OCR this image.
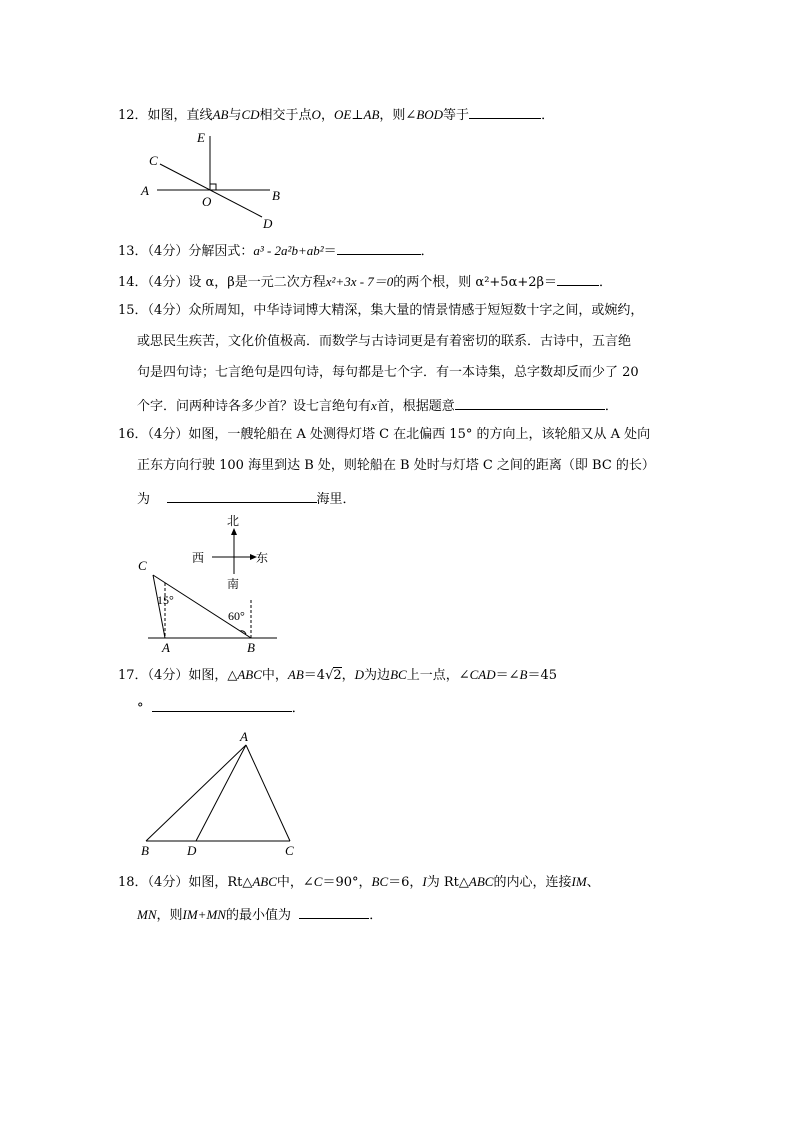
12．如图，直线AB与CD相交于点O，OE⊥AB，则∠BOD等于	．
E
C
A
O	B
D
13．（4分）分解因式：a³ - 2a²b+ab²＝	．
14．（4分）设 α，β是一元二次方程x²+3x - 7＝0的两个根，则 α²+5α+2β＝	．
15．（4分）众所周知，中华诗词博大精深，集大量的情景情感于短短数十字之间，或婉约，
或思民生疾苦，文化价值极高．而数学与古诗词更是有着密切的联系．古诗中，五言绝
句是四句诗；七言绝句是四句诗，每句都是七个字．有一本诗集，总字数却反而少了 20
个字．问两种诗各多少首？设七言绝句有x首，根据题意	．
16．（4分）如图，一艘轮船在 A 处测得灯塔 C 在北偏西 15° 的方向上，该轮船又从 A 处向
正东方向行驶 100 海里到达 B 处，则轮船在 B 处时与灯塔 C 之间的距离（即 BC 的长）
为	海里．
北
南
西	东
C
A	B
15°
60°
17．（4分）如图，△ABC中，AB＝4√2，D为边BC上一点，∠CAD＝∠B＝45
°	．
A
B	D	C
18．（4分）如图，Rt△ABC中，∠C＝90°，BC＝6，I为 Rt△ABC的内心，连接IM、
MN，则IM+MN的最小值为	．
